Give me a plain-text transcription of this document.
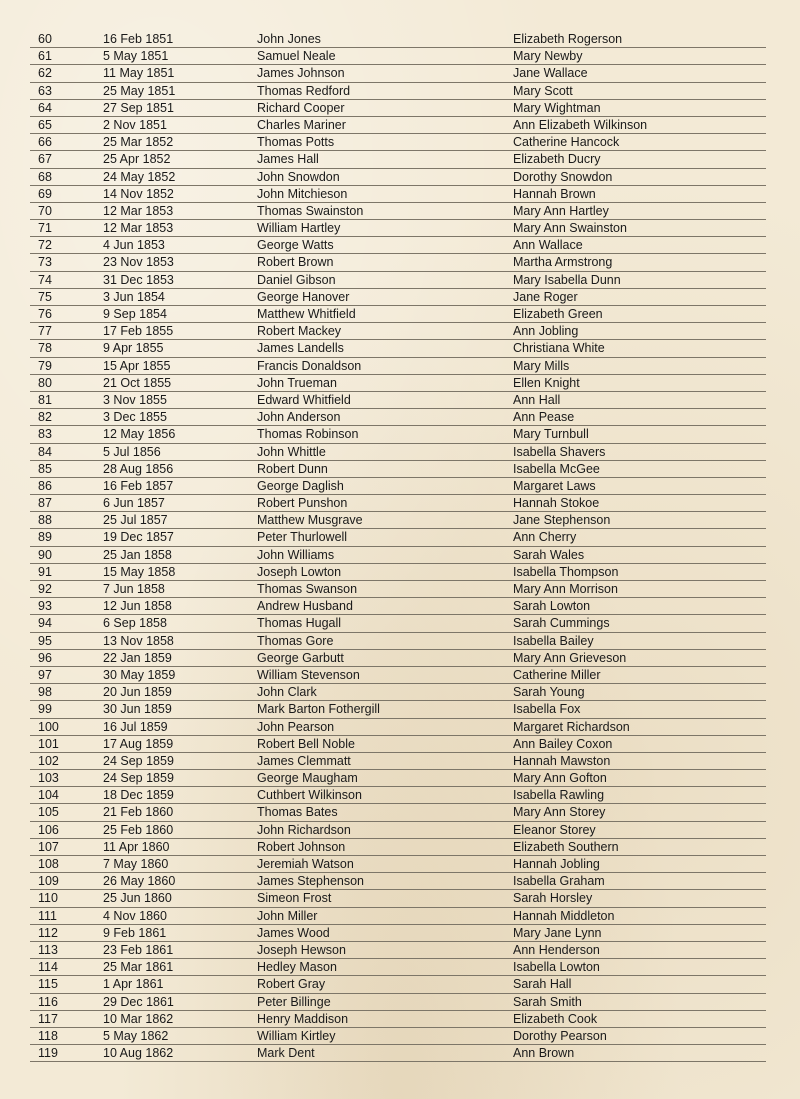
60	16 Feb 1851	John Jones	Elizabeth Rogerson
61	5 May 1851	Samuel Neale	Mary Newby
62	11 May 1851	James Johnson	Jane Wallace
63	25 May 1851	Thomas Redford	Mary Scott
64	27 Sep 1851	Richard Cooper	Mary Wightman
65	2 Nov 1851	Charles Mariner	Ann Elizabeth Wilkinson
66	25 Mar 1852	Thomas Potts	Catherine Hancock
67	25 Apr 1852	James Hall	Elizabeth Ducry
68	24 May 1852	John Snowdon	Dorothy Snowdon
69	14 Nov 1852	John Mitchieson	Hannah Brown
70	12 Mar 1853	Thomas Swainston	Mary Ann Hartley
71	12 Mar 1853	William Hartley	Mary Ann Swainston
72	4 Jun 1853	George Watts	Ann Wallace
73	23 Nov 1853	Robert Brown	Martha Armstrong
74	31 Dec 1853	Daniel Gibson	Mary Isabella Dunn
75	3 Jun 1854	George Hanover	Jane Roger
76	9 Sep 1854	Matthew Whitfield	Elizabeth Green
77	17 Feb 1855	Robert Mackey	Ann Jobling
78	9 Apr 1855	James Landells	Christiana White
79	15 Apr 1855	Francis Donaldson	Mary Mills
80	21 Oct 1855	John Trueman	Ellen Knight
81	3 Nov 1855	Edward Whitfield	Ann Hall
82	3 Dec 1855	John Anderson	Ann Pease
83	12 May 1856	Thomas Robinson	Mary Turnbull
84	5 Jul 1856	John Whittle	Isabella Shavers
85	28 Aug 1856	Robert Dunn	Isabella McGee
86	16 Feb 1857	George Daglish	Margaret Laws
87	6 Jun 1857	Robert Punshon	Hannah Stokoe
88	25 Jul 1857	Matthew Musgrave	Jane Stephenson
89	19 Dec 1857	Peter Thurlowell	Ann Cherry
90	25 Jan 1858	John Williams	Sarah Wales
91	15 May 1858	Joseph Lowton	Isabella Thompson
92	7 Jun 1858	Thomas Swanson	Mary Ann Morrison
93	12 Jun 1858	Andrew Husband	Sarah Lowton
94	6 Sep 1858	Thomas Hugall	Sarah Cummings
95	13 Nov 1858	Thomas Gore	Isabella Bailey
96	22 Jan 1859	George Garbutt	Mary Ann Grieveson
97	30 May 1859	William Stevenson	Catherine Miller
98	20 Jun 1859	John Clark	Sarah Young
99	30 Jun 1859	Mark Barton Fothergill	Isabella Fox
100	16 Jul 1859	John Pearson	Margaret Richardson
101	17 Aug 1859	Robert Bell Noble	Ann Bailey Coxon
102	24 Sep 1859	James Clemmatt	Hannah Mawston
103	24 Sep 1859	George Maugham	Mary Ann Gofton
104	18 Dec 1859	Cuthbert Wilkinson	Isabella Rawling
105	21 Feb 1860	Thomas Bates	Mary Ann Storey
106	25 Feb 1860	John Richardson	Eleanor Storey
107	11 Apr 1860	Robert Johnson	Elizabeth Southern
108	7 May 1860	Jeremiah Watson	Hannah Jobling
109	26 May 1860	James Stephenson	Isabella Graham
110	25 Jun 1860	Simeon Frost	Sarah Horsley
111	4 Nov 1860	John Miller	Hannah Middleton
112	9 Feb 1861	James Wood	Mary Jane Lynn
113	23 Feb 1861	Joseph Hewson	Ann Henderson
114	25 Mar 1861	Hedley Mason	Isabella Lowton
115	1 Apr 1861	Robert Gray	Sarah Hall
116	29 Dec 1861	Peter Billinge	Sarah Smith
117	10 Mar 1862	Henry Maddison	Elizabeth Cook
118	5 May 1862	William Kirtley	Dorothy Pearson
119	10 Aug 1862	Mark Dent	Ann Brown
